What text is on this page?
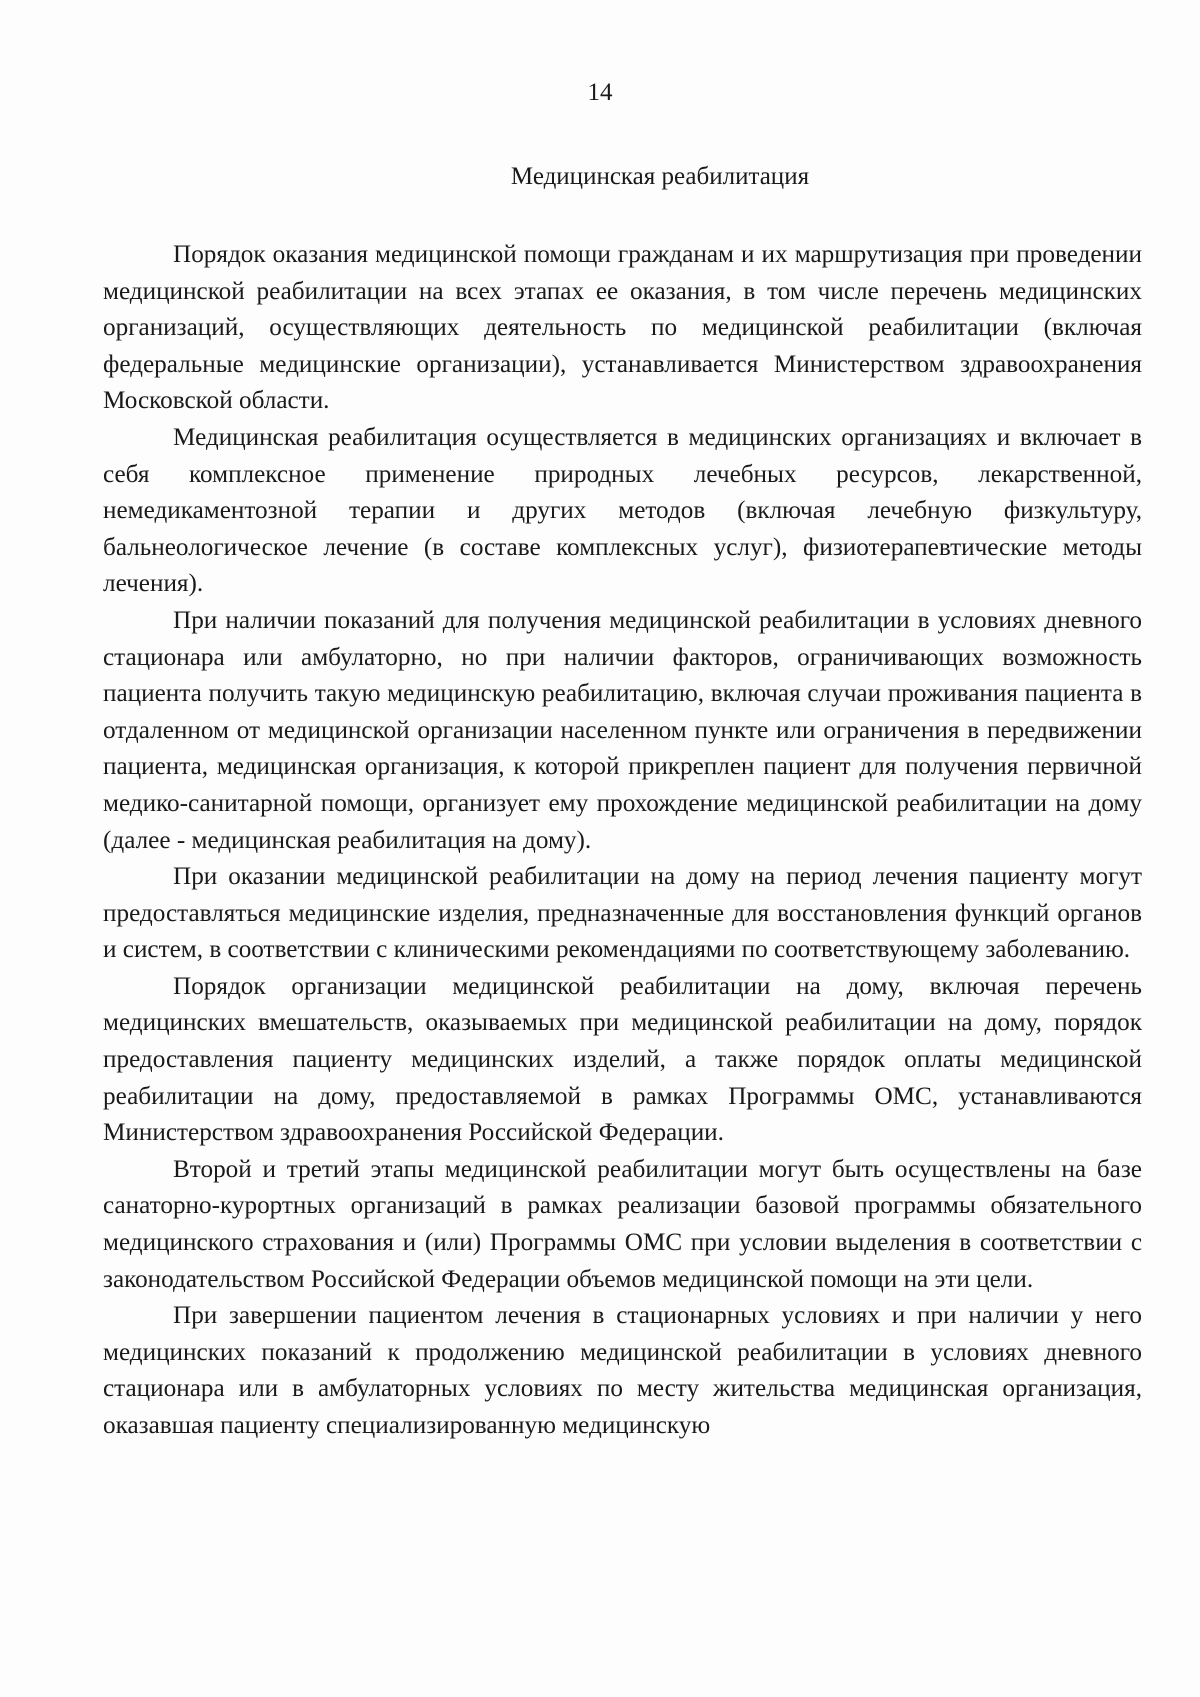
14
Медицинская реабилитация

Порядок оказания медицинской помощи гражданам и их маршрутизация при проведении медицинской реабилитации на всех этапах ее оказания, в том числе перечень медицинских организаций, осуществляющих деятельность по медицинской реабилитации (включая федеральные медицинские организации), устанавливается Министерством здравоохранения Московской области.

Медицинская реабилитация осуществляется в медицинских организациях и включает в себя комплексное применение природных лечебных ресурсов, лекарственной, немедикаментозной терапии и других методов (включая лечебную физкультуру, бальнеологическое лечение (в составе комплексных услуг), физиотерапевтические методы лечения).

При наличии показаний для получения медицинской реабилитации в условиях дневного стационара или амбулаторно, но при наличии факторов, ограничивающих возможность пациента получить такую медицинскую реабилитацию, включая случаи проживания пациента в отдаленном от медицинской организации населенном пункте или ограничения в передвижении пациента, медицинская организация, к которой прикреплен пациент для получения первичной медико-санитарной помощи, организует ему прохождение медицинской реабилитации на дому (далее - медицинская реабилитация на дому).

При оказании медицинской реабилитации на дому на период лечения пациенту могут предоставляться медицинские изделия, предназначенные для восстановления функций органов и систем, в соответствии с клиническими рекомендациями по соответствующему заболеванию.

Порядок организации медицинской реабилитации на дому, включая перечень медицинских вмешательств, оказываемых при медицинской реабилитации на дому, порядок предоставления пациенту медицинских изделий, а также порядок оплаты медицинской реабилитации на дому, предоставляемой в рамках Программы ОМС, устанавливаются Министерством здравоохранения Российской Федерации.

Второй и третий этапы медицинской реабилитации могут быть осуществлены на базе санаторно-курортных организаций в рамках реализации базовой программы обязательного медицинского страхования и (или) Программы ОМС при условии выделения в соответствии с законодательством Российской Федерации объемов медицинской помощи на эти цели.

При завершении пациентом лечения в стационарных условиях и при наличии у него медицинских показаний к продолжению медицинской реабилитации в условиях дневного стационара или в амбулаторных условиях по месту жительства медицинская организация, оказавшая пациенту специализированную медицинскую
